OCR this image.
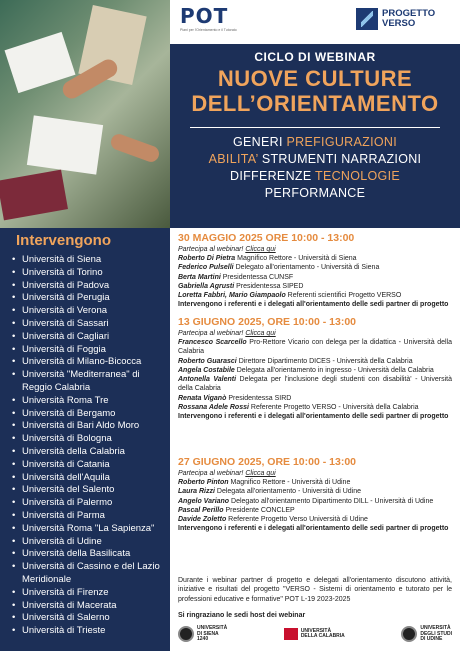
POT
Piani per l'Orientamento e il Tutorato
PROGETTO VERSO
CICLO DI WEBINAR
NUOVE CULTURE
DELL’ORIENTAMENTO
GENERI PREFIGURAZIONI
ABILITA’ STRUMENTI NARRAZIONI
DIFFERENZE TECNOLOGIE
PERFORMANCE
Intervengono
• Università di Siena
• Università di Torino
• Università di Padova
• Università di Perugia
• Università di Verona
• Università di Sassari
• Università di Cagliari
• Università di Foggia
• Università di Milano-Bicocca
• Università "Mediterranea" di Reggio Calabria
• Università Roma Tre
• Università di Bergamo
• Università di Bari Aldo Moro
• Università di Bologna
• Università della Calabria
• Università di Catania
• Università dell'Aquila
• Università del Salento
• Università di Palermo
• Università di Parma
• Università Roma "La Sapienza"
• Università di Udine
• Università della Basilicata
• Università di Cassino e del Lazio Meridionale
• Università di Firenze
• Università di Macerata
• Università di Salerno
• Università di Trieste
30 MAGGIO 2025 ORE 10:00 - 13:00
Partecipa al webinar! Clicca qui
Roberto Di Pietra Magnifico Rettore - Università di Siena
Federico Pulselli Delegato all'orientamento - Università di Siena
Berta Martini Presidentessa CUNSF
Gabriella Agrusti Presidentessa SIPED
Loretta Fabbri, Mario Giampaolo Referenti scientifici Progetto VERSO
Intervengono i referenti e i delegati all'orientamento delle sedi partner di progetto
13 GIUGNO 2025, ORE 10:00 - 13:00
Partecipa al webinar! Clicca qui
Francesco Scarcello Pro-Rettore Vicario con delega per la didattica - Università della Calabria
Roberto Guarasci Direttore Dipartimento DICES - Università della Calabria
Angela Costabile Delegata all'orientamento in ingresso - Università della Calabria
Antonella Valenti Delegata per l'inclusione degli studenti con disabilità' - Università della Calabria
Renata Viganò Presidentessa SIRD
Rossana Adele Rossi Referente Progetto VERSO - Università della Calabria
Intervengono i referenti e i delegati all'orientamento delle sedi partner di progetto
27 GIUGNO 2025, ORE 10:00 - 13:00
Partecipa al webinar! Clicca qui
Roberto Pinton Magnifico Rettore - Università di Udine
Laura Rizzi Delegata all'orientamento - Università di Udine
Angelo Variano Delegato all'orientamento Dipartimento DILL - Università di Udine
Pascal Perillo Presidente CONCLEP
Davide Zoletto Referente Progetto Verso Università di Udine
Intervengono i referenti e i delegati all'orientamento delle sedi partner di progetto
Durante i webinar partner di progetto e delegati all'orientamento discutono attività, iniziative e risultati del progetto "VERSO - Sistemi di orientamento e tutorato per le professioni educative e formative" POT L-19 2023-2025
Si ringraziano le sedi host dei webinar
UNIVERSITÀ
DI SIENA
1240
UNIVERSITÀ
DELLA CALABRIA
UNIVERSITÀ
DEGLI STUDI
DI UDINE
